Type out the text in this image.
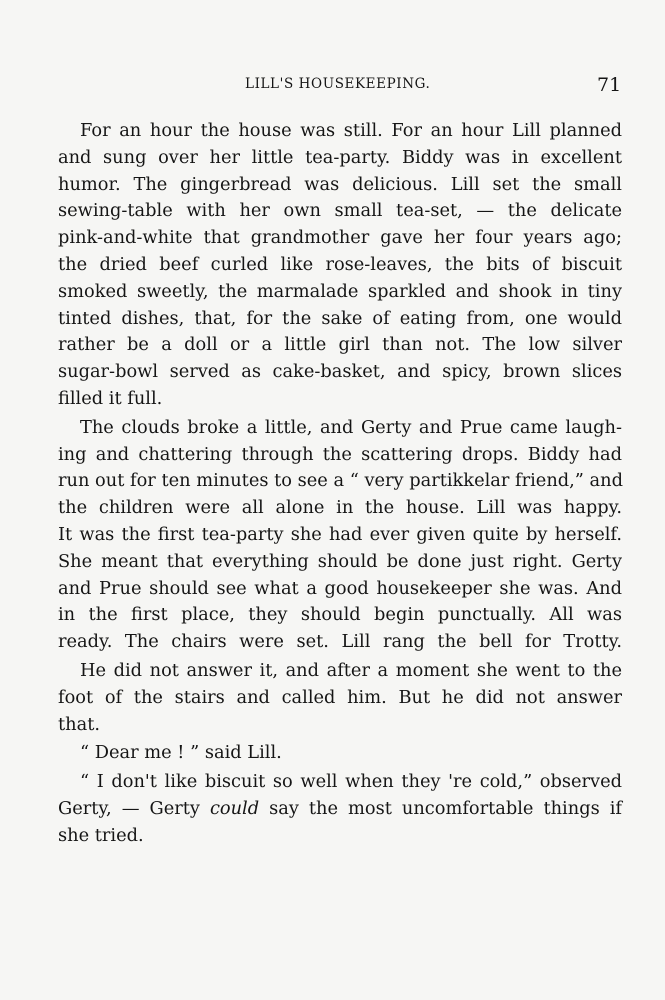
LILL'S HOUSEKEEPING.	71
For an hour the house was still. For an hour Lill planned
and sung over her little tea-party. Biddy was in excellent
humor. The gingerbread was delicious. Lill set the small
sewing-table with her own small tea-set, — the delicate
pink-and-white that grandmother gave her four years ago;
the dried beef curled like rose-leaves, the bits of biscuit
smoked sweetly, the marmalade sparkled and shook in tiny
tinted dishes, that, for the sake of eating from, one would
rather be a doll or a little girl than not. The low silver
sugar-bowl served as cake-basket, and spicy, brown slices
filled it full.
The clouds broke a little, and Gerty and Prue came laugh-
ing and chattering through the scattering drops. Biddy had
run out for ten minutes to see a “ very partikkelar friend,” and
the children were all alone in the house. Lill was happy.
It was the first tea-party she had ever given quite by herself.
She meant that everything should be done just right. Gerty
and Prue should see what a good housekeeper she was. And
in the first place, they should begin punctually. All was
ready. The chairs were set. Lill rang the bell for Trotty.
He did not answer it, and after a moment she went to the
foot of the stairs and called him. But he did not answer
that.
“ Dear me ! ” said Lill.
“ I don't like biscuit so well when they 're cold,” observed
Gerty, — Gerty could say the most uncomfortable things if
she tried.
